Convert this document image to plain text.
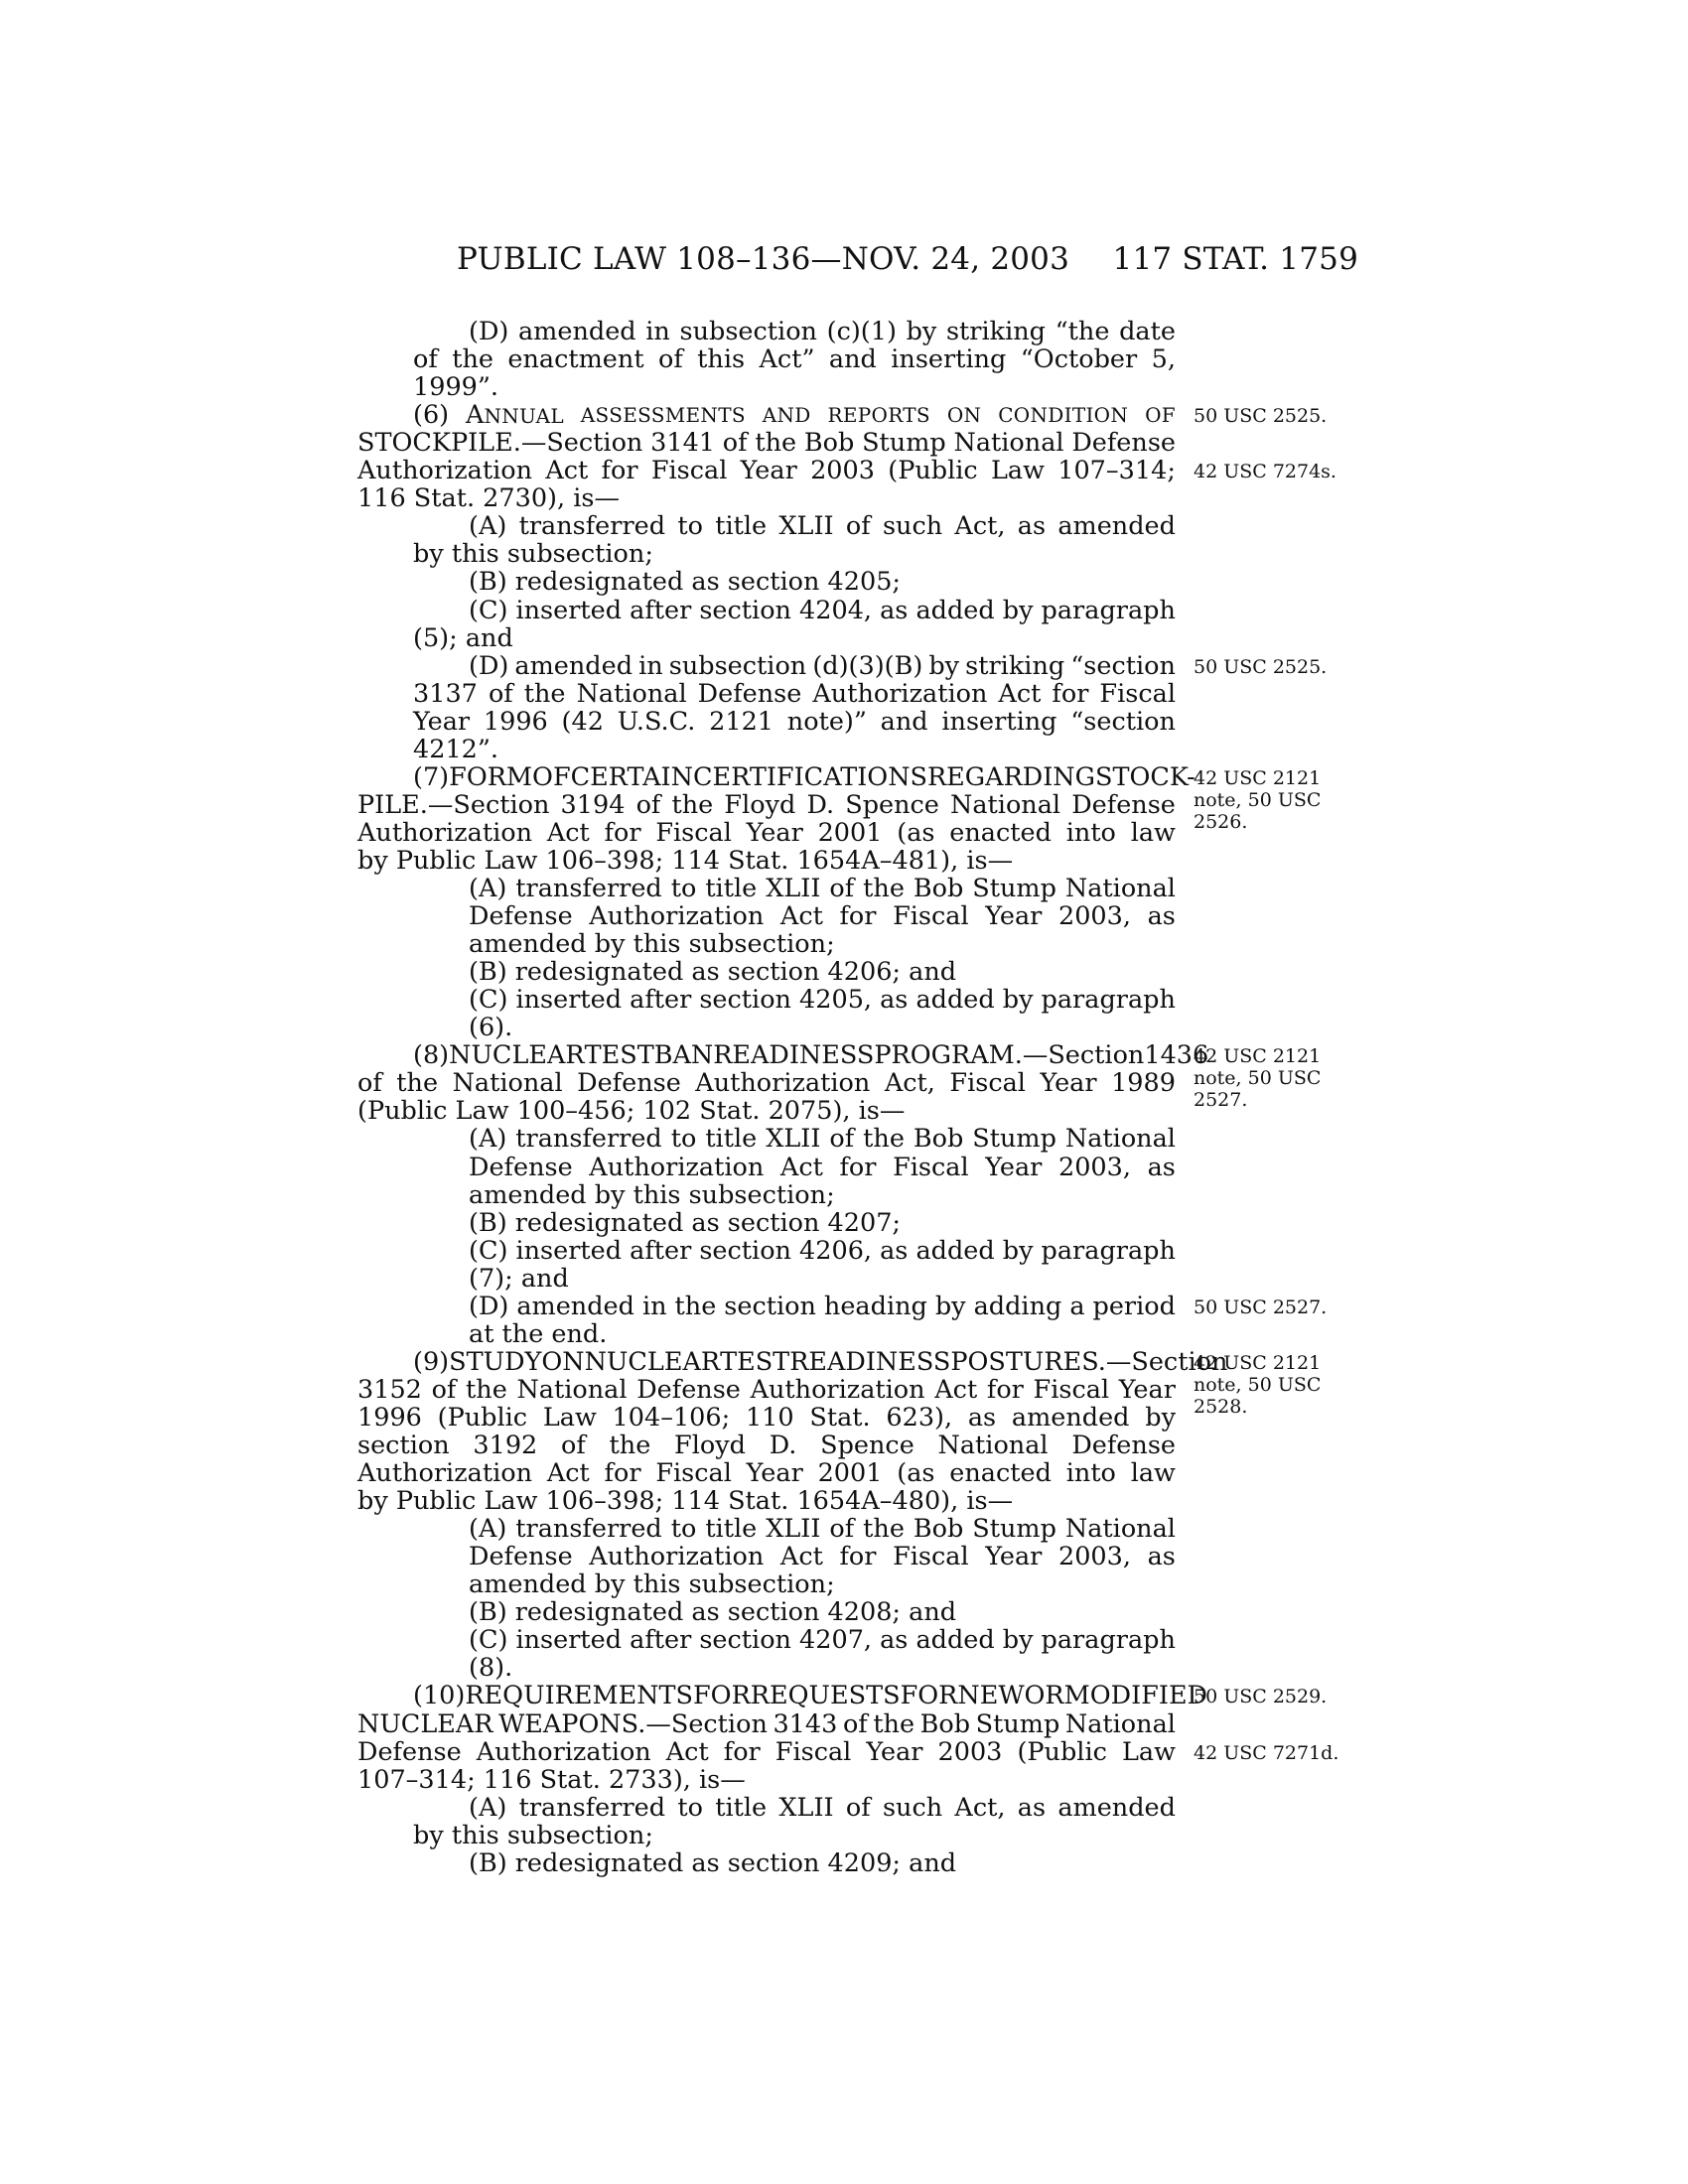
PUBLIC LAW 108–136—NOV. 24, 2003 117 STAT. 1759
(D) amended in subsection (c)(1) by striking “the date
of the enactment of this Act” and inserting “October 5,
1999”.
(6) ANNUAL ASSESSMENTS AND REPORTS ON CONDITION OF
STOCKPILE.—Section 3141 of the Bob Stump National Defense
Authorization Act for Fiscal Year 2003 (Public Law 107–314;
116 Stat. 2730), is—
(A) transferred to title XLII of such Act, as amended
by this subsection;
(B) redesignated as section 4205;
(C) inserted after section 4204, as added by paragraph
(5); and
(D) amended in subsection (d)(3)(B) by striking “section
3137 of the National Defense Authorization Act for Fiscal
Year 1996 (42 U.S.C. 2121 note)” and inserting “section
4212”.
(7) FORM OF CERTAIN CERTIFICATIONS REGARDING STOCK-
PILE.—Section 3194 of the Floyd D. Spence National Defense
Authorization Act for Fiscal Year 2001 (as enacted into law
by Public Law 106–398; 114 Stat. 1654A–481), is—
(A) transferred to title XLII of the Bob Stump National
Defense Authorization Act for Fiscal Year 2003, as
amended by this subsection;
(B) redesignated as section 4206; and
(C) inserted after section 4205, as added by paragraph
(6).
(8) NUCLEAR TEST BAN READINESS PROGRAM.—Section 1436
of the National Defense Authorization Act, Fiscal Year 1989
(Public Law 100–456; 102 Stat. 2075), is—
(A) transferred to title XLII of the Bob Stump National
Defense Authorization Act for Fiscal Year 2003, as
amended by this subsection;
(B) redesignated as section 4207;
(C) inserted after section 4206, as added by paragraph
(7); and
(D) amended in the section heading by adding a period
at the end.
(9) STUDY ON NUCLEAR TEST READINESS POSTURES.—Section
3152 of the National Defense Authorization Act for Fiscal Year
1996 (Public Law 104–106; 110 Stat. 623), as amended by
section 3192 of the Floyd D. Spence National Defense
Authorization Act for Fiscal Year 2001 (as enacted into law
by Public Law 106–398; 114 Stat. 1654A–480), is—
(A) transferred to title XLII of the Bob Stump National
Defense Authorization Act for Fiscal Year 2003, as
amended by this subsection;
(B) redesignated as section 4208; and
(C) inserted after section 4207, as added by paragraph
(8).
(10) REQUIREMENTS FOR REQUESTS FOR NEW OR MODIFIED
NUCLEAR WEAPONS.—Section 3143 of the Bob Stump National
Defense Authorization Act for Fiscal Year 2003 (Public Law
107–314; 116 Stat. 2733), is—
(A) transferred to title XLII of such Act, as amended
by this subsection;
(B) redesignated as section 4209; and
50 USC 2525.
42 USC 7274s.
50 USC 2525.
42 USC 2121
note, 50 USC
2526.
42 USC 2121
note, 50 USC
2527.
50 USC 2527.
42 USC 2121
note, 50 USC
2528.
50 USC 2529.
42 USC 7271d.
